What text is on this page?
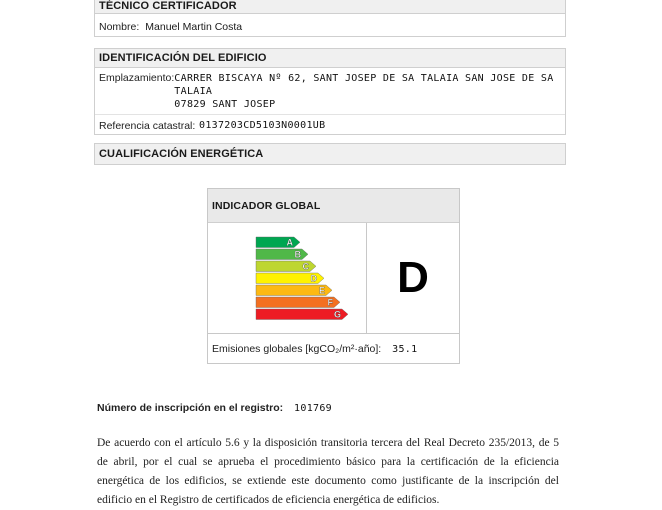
TÉCNICO CERTIFICADOR
Nombre: Manuel Martin Costa
IDENTIFICACIÓN DEL EDIFICIO
Emplazamiento: CARRER BISCAYA Nº 62, SANT JOSEP DE SA TALAIA SAN JOSE DE SA TALAIA
07829 SANT JOSEP
Referencia catastral: 0137203CD5103N0001UB
CUALIFICACIÓN ENERGÉTICA
INDICADOR GLOBAL
A
B
C
D
E
F
G
D
Emisiones globales [kgCO₂/m²·año]: 35.1
Número de inscripción en el registro: 101769
De acuerdo con el artículo 5.6 y la disposición transitoria tercera del Real Decreto 235/2013, de 5 de abril, por el cual se aprueba el procedimiento básico para la certificación de la eficiencia energética de los edificios, se extiende este documento como justificante de la inscripción del edificio en el Registro de certificados de eficiencia energética de edificios.
